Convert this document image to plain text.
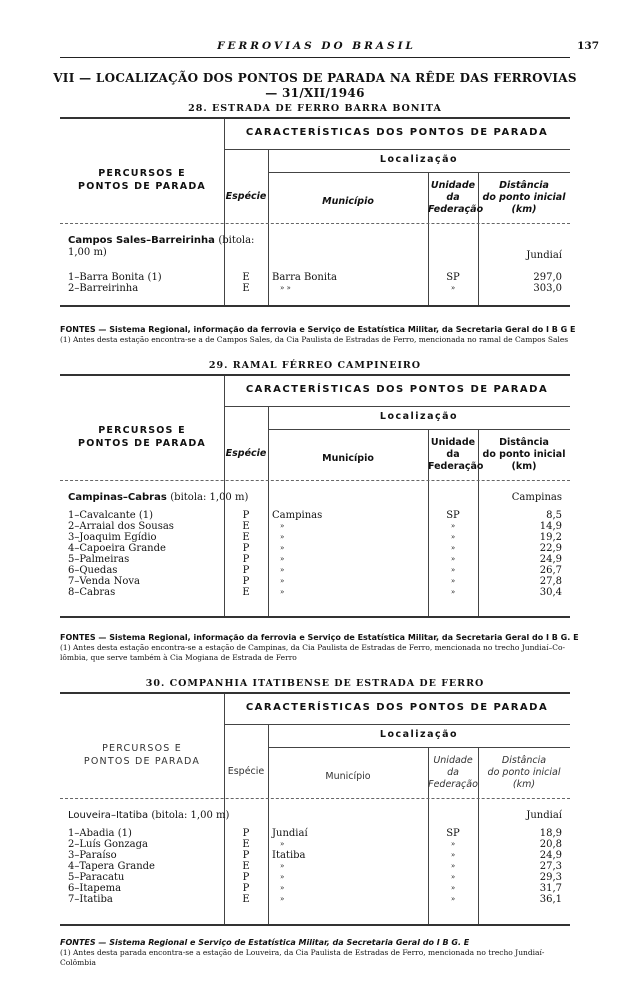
FERROVIAS DO BRASIL	137
VII — LOCALIZAÇÃO DOS PONTOS DE PARADA NA RÊDE DAS FERROVIAS
— 31/XII/1946
28. ESTRADA DE FERRO BARRA BONITA
CARACTERÍSTICAS DOS PONTOS DE PARADA
Localização
PERCURSOS E
PONTOS DE PARADA
Espécie	Município
Unidade
da
Federação
Distância
do ponto inicial
(km)
Campos Sales–Barreirinha (bitola:
1,00 m)	Jundiaí
1–Barra Bonita (1)	E	Barra Bonita	SP	297,0
2–Barreirinha	E	» »	»	303,0

FONTES — Sistema Regional, informação da ferrovia e Serviço de Estatística Militar, da Secretaria Geral do I B G E

(1) Antes desta estação encontra-se a de Campos Sales, da Cia Paulista de Estradas de Ferro, mencionada no ramal de Campos Sales

29. RAMAL FÉRREO CAMPINEIRO
CARACTERÍSTICAS DOS PONTOS DE PARADA
Localização
PERCURSOS E
PONTOS DE PARADA
Espécie	Município
Unidade
da
Federação
Distância
do ponto inicial
(km)
Campinas–Cabras (bitola: 1,00 m)	Campinas
1–Cavalcante (1)	P	Campinas	SP	8,5
2–Arraial dos Sousas	E	»	»	14,9
3–Joaquim Egídio	E	»	»	19,2
4–Capoeira Grande	P	»	»	22,9
5–Palmeiras	P	»	»	24,9
6–Quedas	P	»	»	26,7
7–Venda Nova	P	»	»	27,8
8–Cabras	E	»	»	30,4

FONTES — Sistema Regional, informação da ferrovia e Serviço de Estatística Militar, da Secretaria Geral do I B G. E

(1) Antes desta estação encontra-se a estação de Campinas, da Cia Paulista de Estradas de Ferro, mencionada no trecho Jundiaí–Co-

lômbia, que serve também à Cia Mogiana de Estrada de Ferro

30. COMPANHIA ITATIBENSE DE ESTRADA DE FERRO
CARACTERÍSTICAS DOS PONTOS DE PARADA
Localização
PERCURSOS E
PONTOS DE PARADA
Espécie	Município
Unidade
da
Federação
Distância
do ponto inicial
(km)
Louveira–Itatiba (bitola: 1,00 m)	Jundiaí
1–Abadia (1)	P	Jundiaí	SP	18,9
2–Luís Gonzaga	E	»	»	20,8
3–Paraíso	P	Itatiba	»	24,9
4–Tapera Grande	E	»	»	27,3
5–Paracatu	P	»	»	29,3
6–Itapema	P	»	»	31,7
7–Itatiba	E	»	»	36,1

FONTES — Sistema Regional e Serviço de Estatística Militar, da Secretaria Geral do I B G. E

(1) Antes desta parada encontra-se a estação de Louveira, da Cia Paulista de Estradas de Ferro, mencionada no trecho Jundiaí-Colômbia
